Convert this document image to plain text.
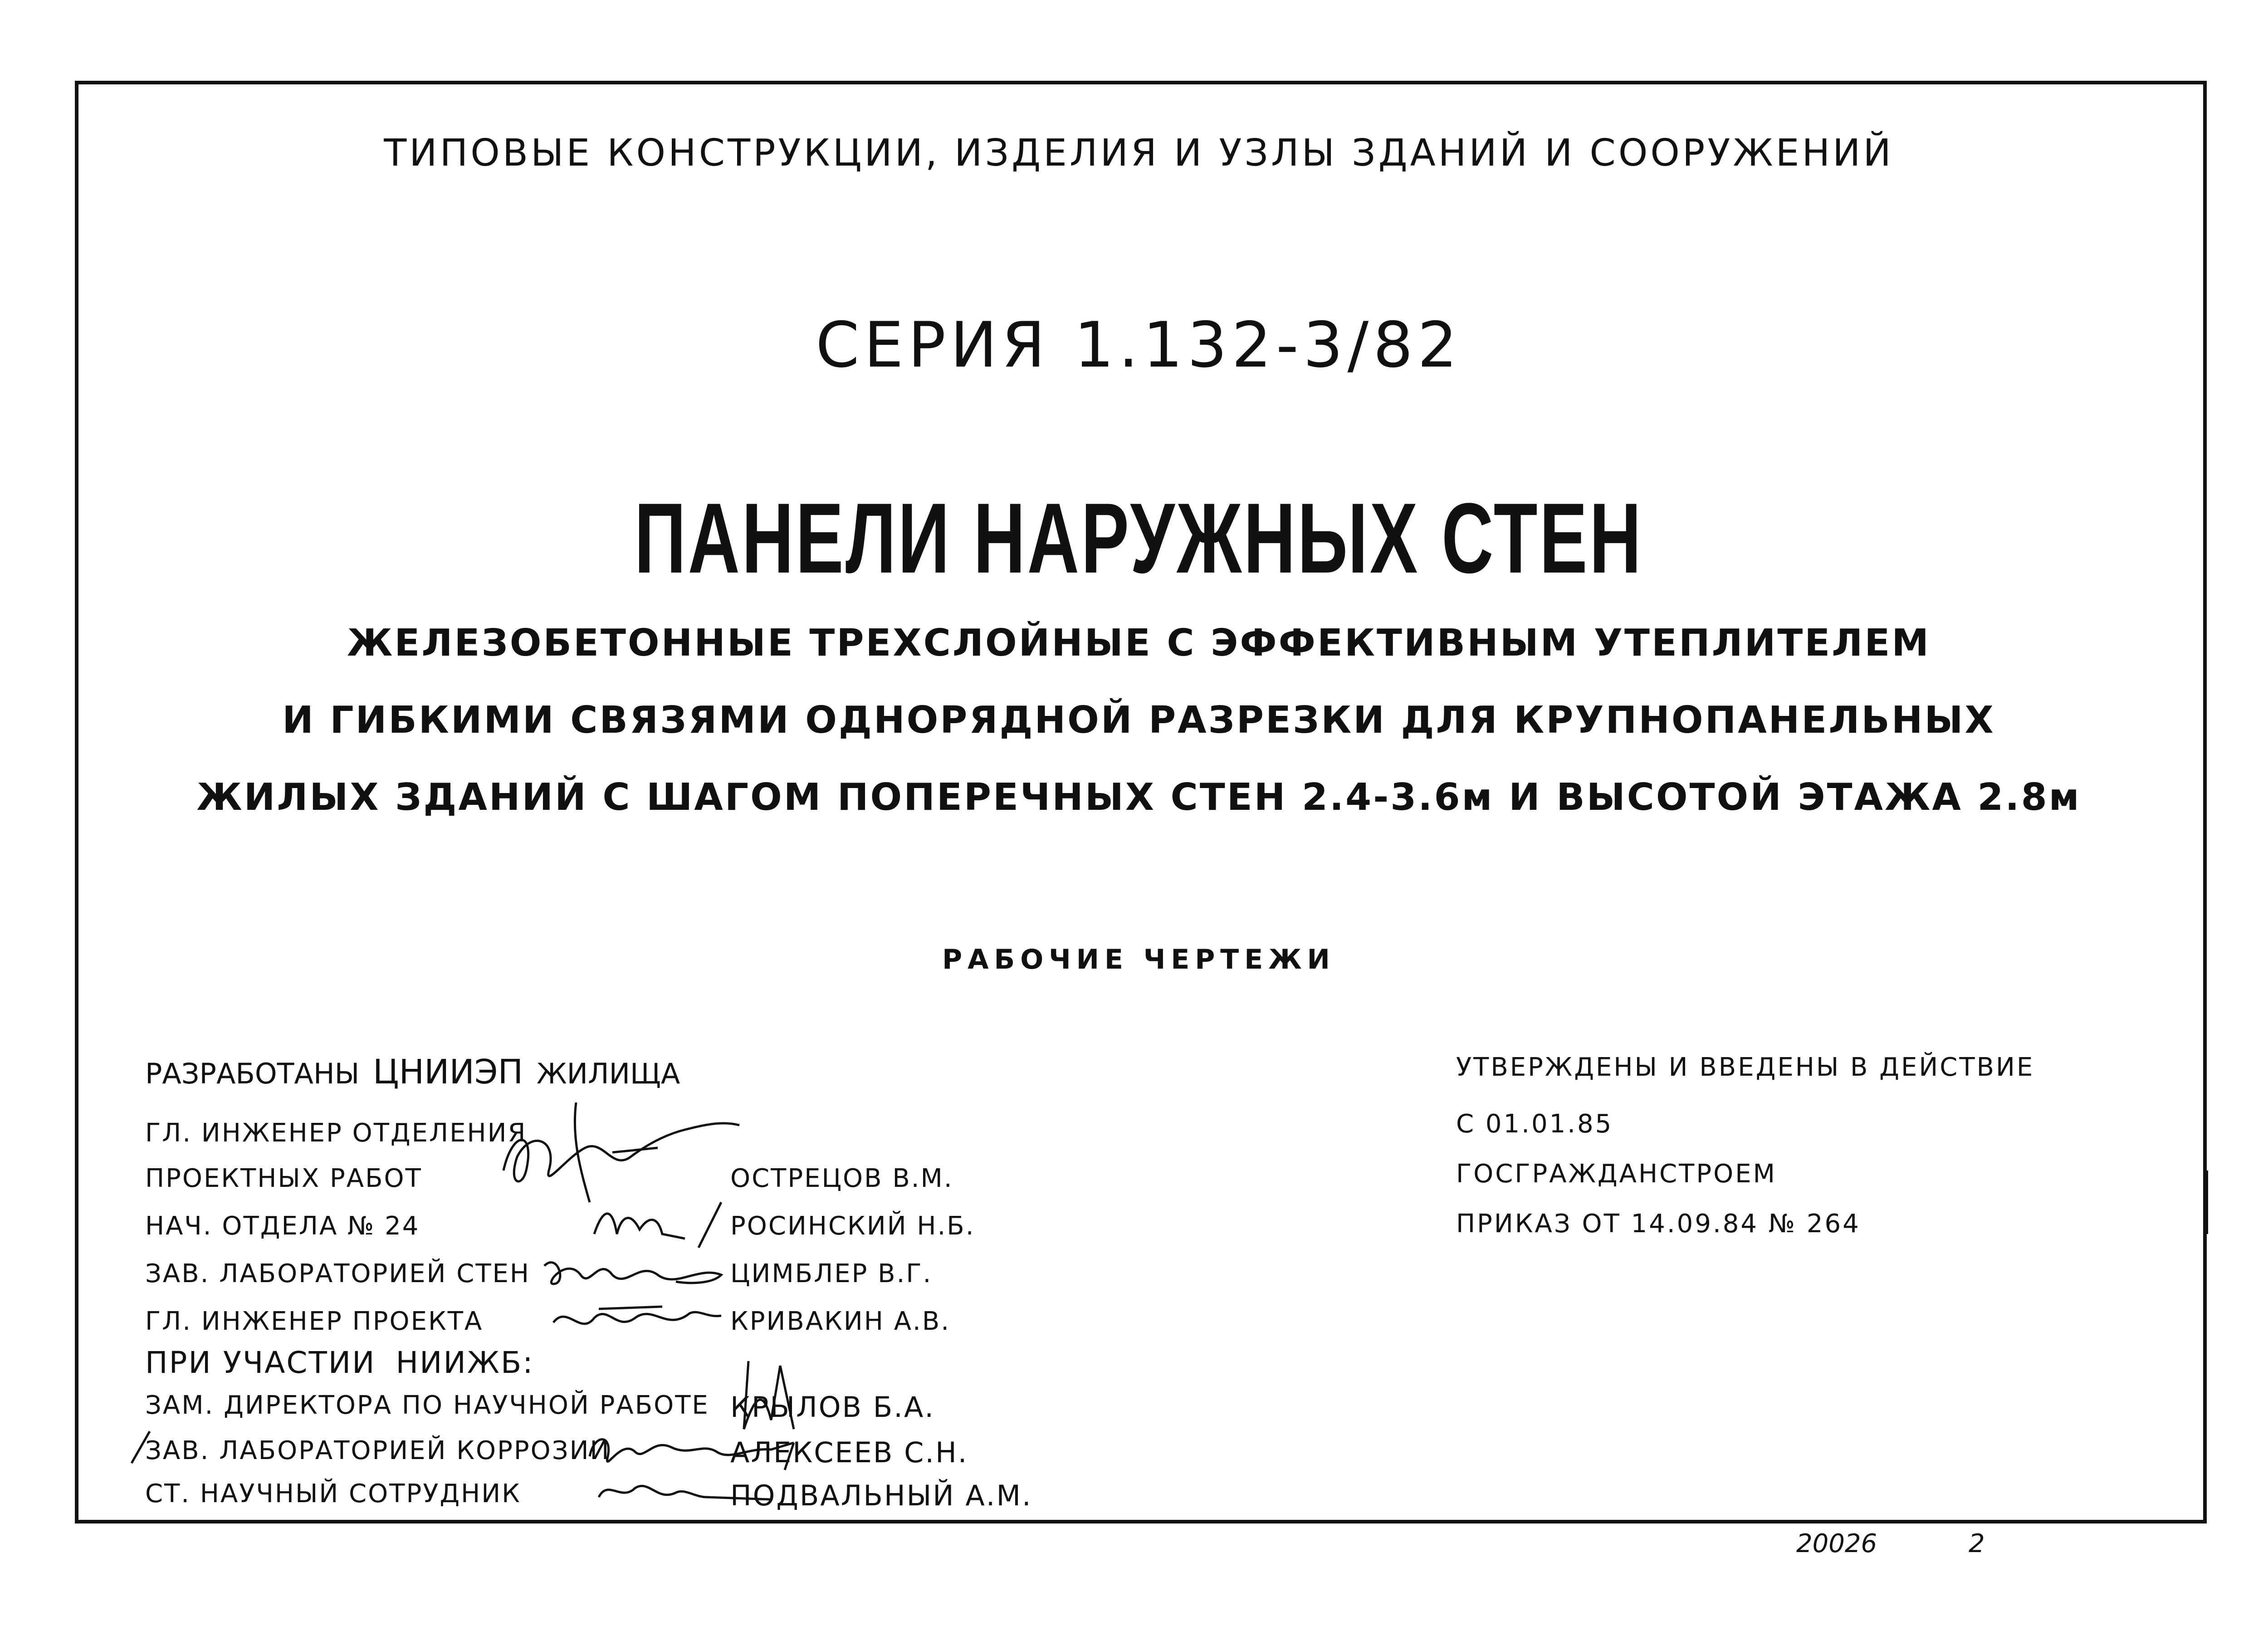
ТИПОВЫЕ КОНСТРУКЦИИ, ИЗДЕЛИЯ И УЗЛЫ ЗДАНИЙ И СООРУЖЕНИЙ
СЕРИЯ 1.132-3/82
ПАНЕЛИ НАРУЖНЫХ СТЕН
ЖЕЛЕЗОБЕТОННЫЕ ТРЕХСЛОЙНЫЕ С ЭФФЕКТИВНЫМ УТЕПЛИТЕЛЕМ
И ГИБКИМИ СВЯЗЯМИ ОДНОРЯДНОЙ РАЗРЕЗКИ ДЛЯ КРУПНОПАНЕЛЬНЫХ
ЖИЛЫХ ЗДАНИЙ С ШАГОМ ПОПЕРЕЧНЫХ СТЕН 2.4-3.6м И ВЫСОТОЙ ЭТАЖА 2.8м
РАБОЧИЕ ЧЕРТЕЖИ
РАЗРАБОТАНЫ ЦНИИЭП ЖИЛИЩА
ГЛ. ИНЖЕНЕР ОТДЕЛЕНИЯ
ПРОЕКТНЫХ РАБОТ	ОСТРЕЦОВ В.М.
НАЧ. ОТДЕЛА № 24	РОСИНСКИЙ Н.Б.
ЗАВ. ЛАБОРАТОРИЕЙ СТЕН	ЦИМБЛЕР В.Г.
ГЛ. ИНЖЕНЕР ПРОЕКТА	КРИВАКИН А.В.
ПРИ УЧАСТИИ НИИЖБ:
ЗАМ. ДИРЕКТОРА ПО НАУЧНОЙ РАБОТЕ КРЫЛОВ Б.А.
ЗАВ. ЛАБОРАТОРИЕЙ КОРРОЗИИ	АЛЕКСЕЕВ С.Н.
СТ. НАУЧНЫЙ СОТРУДНИК	ПОДВАЛЬНЫЙ А.М.
УТВЕРЖДЕНЫ И ВВЕДЕНЫ В ДЕЙСТВИЕ
С 01.01.85
ГОСГРАЖДАНСТРОЕМ
ПРИКАЗ ОТ 14.09.84 № 264
20026	2
